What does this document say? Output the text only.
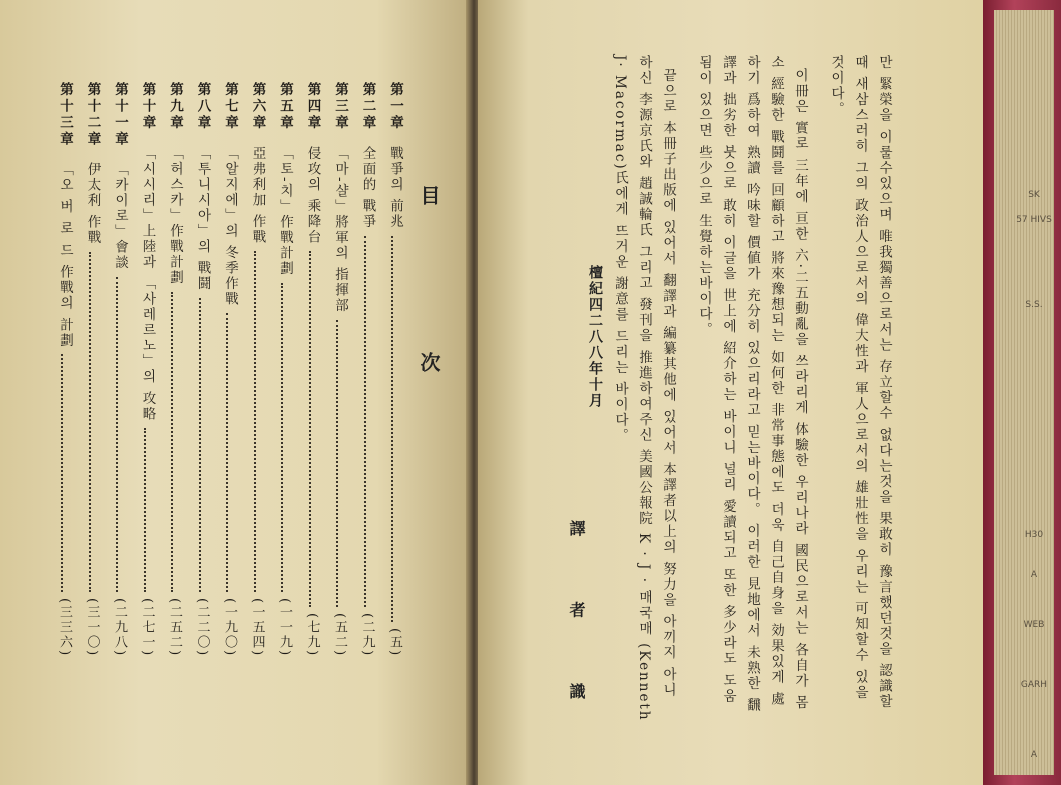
目 次
第一章戰爭의 前兆
(五)
第二章全面的 戰爭
(二九)
第三章「마-샬」將軍의 指揮部
(五二)
第四章侵攻의 乘降台
(七九)
第五章「토-치」作戰計劃
(一一九)
第六章亞弗利加 作戰
(一五四)
第七章「알지에」의 冬季作戰
(一九〇)
第八章「투니시아」의 戰鬪
(二二〇)
第九章「허스카」作戰計劃
(二五二)
第十章「시시리」上陸과 「사레르노」의 攻略
(二七一)
第十一章「카이로」會談
(二九八)
第十二章伊太利 作戰
(三一〇)
第十三章「오 버 로 드 作戰의 計劃
(三三六)	만 緊榮을 이룰수있으며 唯我獨善으로서는 存立할수 없다는것을 果敢히 豫言했던것을 認識할
때 새삼스러히 그의 政治人으로서의 偉大性과 軍人으로서의 雄壯性을 우리는 可知할수 있을
것이다。
이冊은 實로 三年에 亘한 六·二五動亂을 쓰라리게 体驗한 우리나라 國民으로서는 各自가 몸
소 經驗한 戰鬪를 回顧하고 將來豫想되는 如何한 非常事態에도 더욱 自己自身을 効果있게 處
하기 爲하여 熟讀 吟味할 價値가 充分히 있으리라고 믿는바이다。 이러한 見地에서 未熟한 飜
譯과 拙劣한 붓으로 敢히 이글을 世上에 紹介하는 바이니 널리 愛讀되고 또한 多少라도 도움
됨이 있으면 些少으로 生覺하는바이다。
끝으로 本冊子出版에 있어서 翻譯과 編纂其他에 있어서 本譯者以上의 努力을 아끼지 아니
하신 李源京氏와 趙誠輪氏 그리고 發刊을 推進하여주신 美國公報院 K · J · 매국매 (Kenneth
J· Macormac)氏에게 뜨거운 謝意를 드리는 바이다。
檀紀四二八八年十月
譯 者 識
SK
57 HIVS
S.S.
H30
A
WEB
GARH
A
